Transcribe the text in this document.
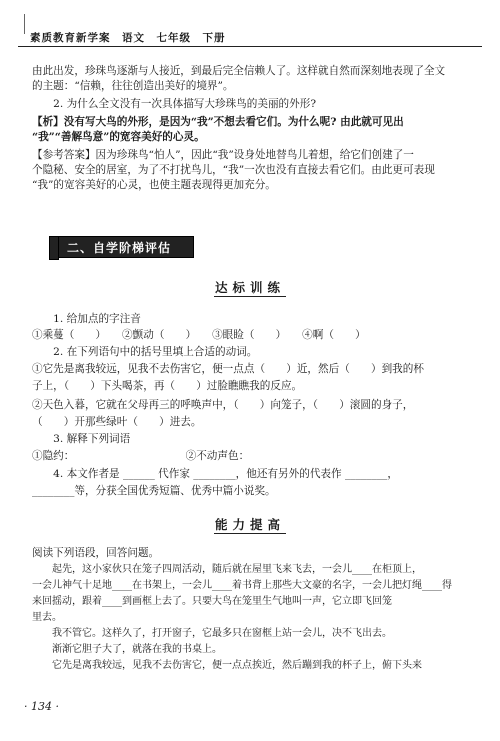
素质教育新学案　语文　七年级　下册
由此出发，珍珠鸟逐渐与人接近，到最后完全信赖人了。这样就自然而深刻地表现了全文
的主题：“信赖，往往创造出美好的境界”。
　　2. 为什么全文没有一次具体描写大珍珠鸟的美丽的外形?
【析】没有写大鸟的外形，是因为“我”不想去看它们。为什么呢? 由此就可见出
“我”“善解鸟意”的宽容美好的心灵。
【参考答案】因为珍珠鸟“怕人”，因此“我”设身处地替鸟儿着想，给它们创建了一
个隐秘、安全的居室，为了不打扰鸟儿，“我”一次也没有直接去看它们。由此更可表现
“我”的宽容美好的心灵，也使主题表现得更加充分。
　　1. 给加点的字注音
①乘蔓（　　）　　②颤动（　　）　　③眼睑（　　）　　④啊（　　）
　　2. 在下列语句中的括号里填上合适的动词。
①它先是离我较远，见我不去伤害它，便一点点（　　）近，然后（　　）到我的杯
子上，（　　）下头喝茶，再（　　）过脸瞧瞧我的反应。
②天色入暮，它就在父母再三的呼唤声中，（　　）向笼子，（　　）滚圆的身子，
（　　）开那些绿叶（　　）进去。
　　3. 解释下列词语
①隐约：　　　　　　　　　　　②不动声色：
　　4. 本文作者是 ______ 代作家 ________，他还有另外的代表作 ________，
________等，分获全国优秀短篇、优秀中篇小说奖。
阅读下列语段，回答问题。
　　起先，这小家伙只在笼子四周活动，随后就在屋里飞来飞去，一会儿____在柜顶上，
一会儿神气十足地____在书架上，一会儿____着书背上那些大文豪的名字，一会儿把灯绳____得
来回摇动，跟着____到画框上去了。只要大鸟在笼里生气地叫一声，它立即飞回笼
里去。
　　我不管它。这样久了，打开窗子，它最多只在窗框上站一会儿，决不飞出去。
　　渐渐它胆子大了，就落在我的书桌上。
　　它先是离我较远，见我不去伤害它，便一点点挨近，然后蹦到我的杯子上，俯下头来
二、自学阶梯评估
达标训练
能力提高
· 134 ·
